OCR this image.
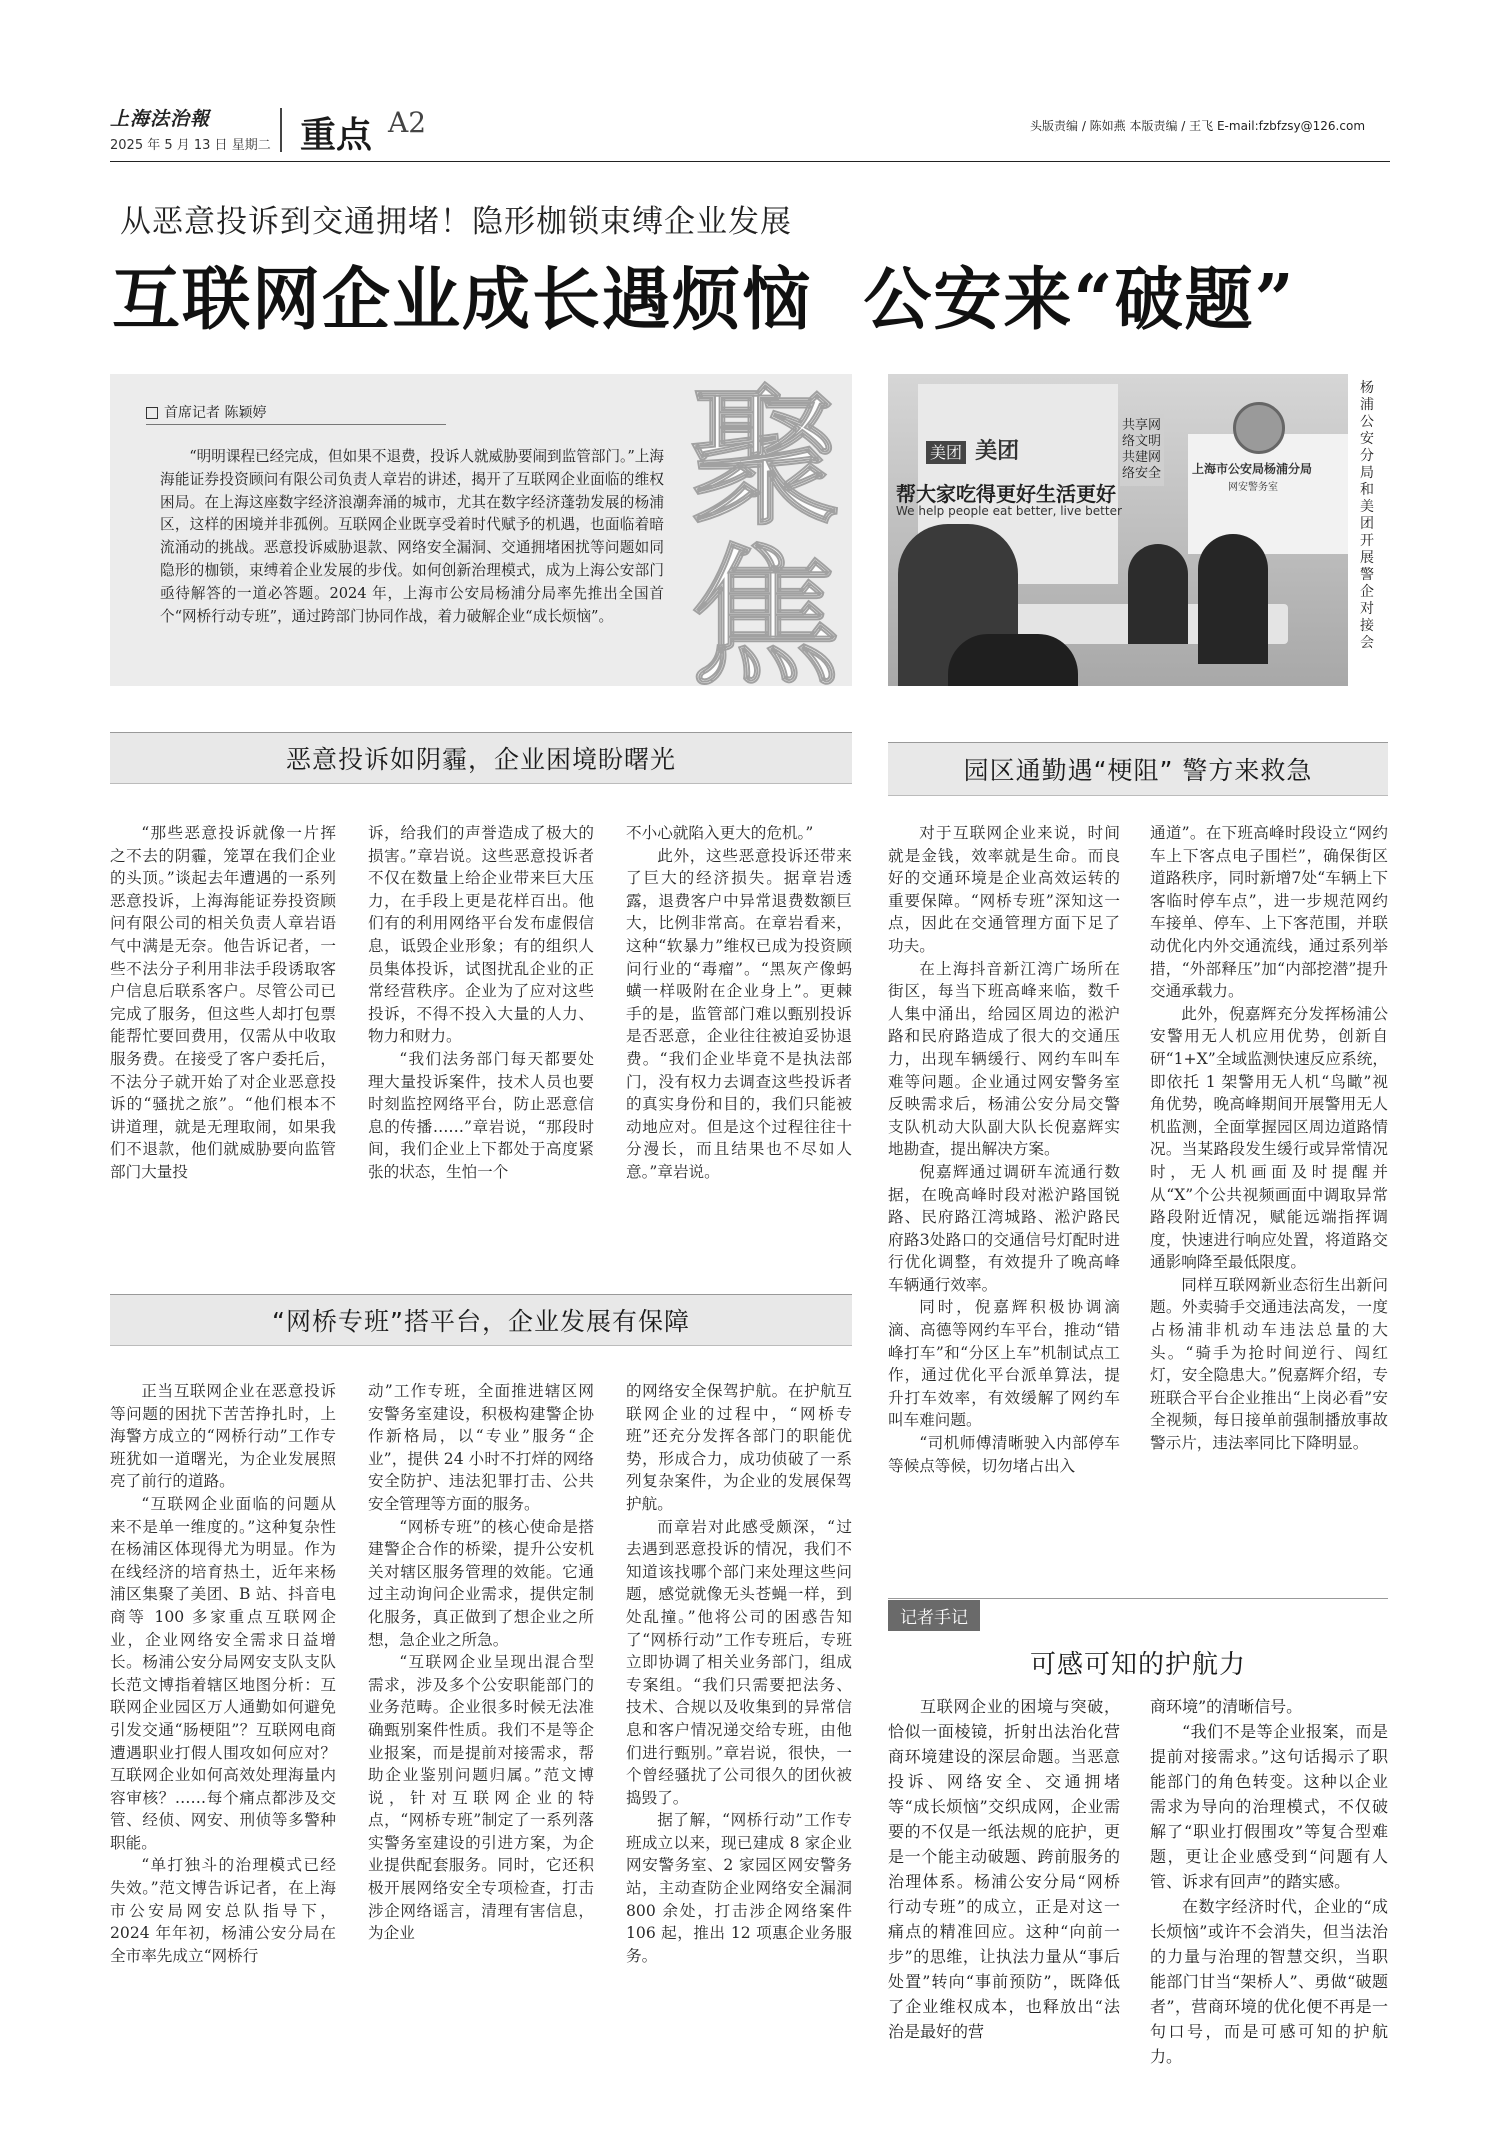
上海法治報
2025 年 5 月 13 日 星期二 重点 A2	头版责编 / 陈如燕 本版责编 / 王飞 E-mail:fzbfzsy@126.com
从恶意投诉到交通拥堵！隐形枷锁束缚企业发展
互联网企业成长遇烦恼  公安来“破题”
聚焦
首席记者 陈颖婷
“明明课程已经完成，但如果不退费，投诉人就威胁要闹到监管部门。”上海海能证券投资顾问有限公司负责人章岩的讲述，揭开了互联网企业面临的维权困局。在上海这座数字经济浪潮奔涌的城市，尤其在数字经济蓬勃发展的杨浦区，这样的困境并非孤例。互联网企业既享受着时代赋予的机遇，也面临着暗流涌动的挑战。恶意投诉威胁退款、网络安全漏洞、交通拥堵困扰等问题如同隐形的枷锁，束缚着企业发展的步伐。如何创新治理模式，成为上海公安部门亟待解答的一道必答题。2024 年，上海市公安局杨浦分局率先推出全国首个“网桥行动专班”，通过跨部门协同作战，着力破解企业“成长烦恼”。
美团 美团
帮大家吃得更好生活更好
We help people eat better, live better
共享网络文明 共建网络安全	上海市公安局杨浦分局
网安警务室
杨浦公安分局和美团开展警企对接会
恶意投诉如阴霾，企业困境盼曙光

“那些恶意投诉就像一片挥之不去的阴霾，笼罩在我们企业的头顶。”谈起去年遭遇的一系列恶意投诉，上海海能证券投资顾问有限公司的相关负责人章岩语气中满是无奈。他告诉记者，一些不法分子利用非法手段诱取客户信息后联系客户。尽管公司已完成了服务，但这些人却打包票能帮忙要回费用，仅需从中收取服务费。在接受了客户委托后，不法分子就开始了对企业恶意投诉的“骚扰之旅”。“他们根本不讲道理，就是无理取闹，如果我们不退款，他们就威胁要向监管部门大量投

诉，给我们的声誉造成了极大的损害。”章岩说。这些恶意投诉者不仅在数量上给企业带来巨大压力，在手段上更是花样百出。他们有的利用网络平台发布虚假信息，诋毁企业形象；有的组织人员集体投诉，试图扰乱企业的正常经营秩序。企业为了应对这些投诉，不得不投入大量的人力、物力和财力。

“我们法务部门每天都要处理大量投诉案件，技术人员也要时刻监控网络平台，防止恶意信息的传播……”章岩说，“那段时间，我们企业上下都处于高度紧张的状态，生怕一个

不小心就陷入更大的危机。”

此外，这些恶意投诉还带来了巨大的经济损失。据章岩透露，退费客户中异常退费数额巨大，比例非常高。在章岩看来，这种“软暴力”维权已成为投资顾问行业的“毒瘤”。“黑灰产像蚂蟥一样吸附在企业身上”。更棘手的是，监管部门难以甄别投诉是否恶意，企业往往被迫妥协退费。“我们企业毕竟不是执法部门，没有权力去调查这些投诉者的真实身份和目的，我们只能被动地应对。但是这个过程往往十分漫长，而且结果也不尽如人意。”章岩说。

“网桥专班”搭平台，企业发展有保障

正当互联网企业在恶意投诉等问题的困扰下苦苦挣扎时，上海警方成立的“网桥行动”工作专班犹如一道曙光，为企业发展照亮了前行的道路。

“互联网企业面临的问题从来不是单一维度的。”这种复杂性在杨浦区体现得尤为明显。作为在线经济的培育热土，近年来杨浦区集聚了美团、B 站、抖音电商等 100 多家重点互联网企业，企业网络安全需求日益增长。杨浦公安分局网安支队支队长范文博指着辖区地图分析：互联网企业园区万人通勤如何避免引发交通“肠梗阻”？互联网电商遭遇职业打假人围攻如何应对？互联网企业如何高效处理海量内容审核？……每个痛点都涉及交管、经侦、网安、刑侦等多警种职能。

“单打独斗的治理模式已经失效。”范文博告诉记者，在上海市公安局网安总队指导下，2024 年年初，杨浦公安分局在全市率先成立“网桥行

动”工作专班，全面推进辖区网安警务室建设，积极构建警企协作新格局，以“专业”服务“企业”，提供 24 小时不打烊的网络安全防护、违法犯罪打击、公共安全管理等方面的服务。

“网桥专班”的核心使命是搭建警企合作的桥梁，提升公安机关对辖区服务管理的效能。它通过主动询问企业需求，提供定制化服务，真正做到了想企业之所想，急企业之所急。

“互联网企业呈现出混合型需求，涉及多个公安职能部门的业务范畴。企业很多时候无法准确甄别案件性质。我们不是等企业报案，而是提前对接需求，帮助企业鉴别问题归属。”范文博说，针对互联网企业的特点，“网桥专班”制定了一系列落实警务室建设的引进方案，为企业提供配套服务。同时，它还积极开展网络安全专项检查，打击涉企网络谣言，清理有害信息，为企业

的网络安全保驾护航。在护航互联网企业的过程中，“网桥专班”还充分发挥各部门的职能优势，形成合力，成功侦破了一系列复杂案件，为企业的发展保驾护航。

而章岩对此感受颇深，“过去遇到恶意投诉的情况，我们不知道该找哪个部门来处理这些问题，感觉就像无头苍蝇一样，到处乱撞。”他将公司的困惑告知了“网桥行动”工作专班后，专班立即协调了相关业务部门，组成专案组。“我们只需要把法务、技术、合规以及收集到的异常信息和客户情况递交给专班，由他们进行甄别。”章岩说，很快，一个曾经骚扰了公司很久的团伙被捣毁了。

据了解，“网桥行动”工作专班成立以来，现已建成 8 家企业网安警务室、2 家园区网安警务站，主动查防企业网络安全漏洞 800 余处，打击涉企网络案件 106 起，推出 12 项惠企业务服务。

园区通勤遇“梗阻” 警方来救急

对于互联网企业来说，时间就是金钱，效率就是生命。而良好的交通环境是企业高效运转的重要保障。“网桥专班”深知这一点，因此在交通管理方面下足了功夫。

在上海抖音新江湾广场所在街区，每当下班高峰来临，数千人集中涌出，给园区周边的淞沪路和民府路造成了很大的交通压力，出现车辆缓行、网约车叫车难等问题。企业通过网安警务室反映需求后，杨浦公安分局交警支队机动大队副大队长倪嘉辉实地勘查，提出解决方案。

倪嘉辉通过调研车流通行数据，在晚高峰时段对淞沪路国锐路、民府路江湾城路、淞沪路民府路3处路口的交通信号灯配时进行优化调整，有效提升了晚高峰车辆通行效率。

同时，倪嘉辉积极协调滴滴、高德等网约车平台，推动“错峰打车”和“分区上车”机制试点工作，通过优化平台派单算法，提升打车效率，有效缓解了网约车叫车难问题。

“司机师傅清晰驶入内部停车等候点等候，切勿堵占出入

通道”。在下班高峰时段设立“网约车上下客点电子围栏”，确保街区道路秩序，同时新增7处“车辆上下客临时停车点”，进一步规范网约车接单、停车、上下客范围，并联动优化内外交通流线，通过系列举措，“外部释压”加“内部挖潜”提升交通承载力。

此外，倪嘉辉充分发挥杨浦公安警用无人机应用优势，创新自研“1+X”全域监测快速反应系统，即依托 1 架警用无人机“鸟瞰”视角优势，晚高峰期间开展警用无人机监测，全面掌握园区周边道路情况。当某路段发生缓行或异常情况时，无人机画面及时提醒并从“X”个公共视频画面中调取异常路段附近情况，赋能远端指挥调度，快速进行响应处置，将道路交通影响降至最低限度。

同样互联网新业态衍生出新问题。外卖骑手交通违法高发，一度占杨浦非机动车违法总量的大头。“骑手为抢时间逆行、闯红灯，安全隐患大。”倪嘉辉介绍，专班联合平台企业推出“上岗必看”安全视频，每日接单前强制播放事故警示片，违法率同比下降明显。

记者手记
可感可知的护航力

互联网企业的困境与突破，恰似一面棱镜，折射出法治化营商环境建设的深层命题。当恶意投诉、网络安全、交通拥堵等“成长烦恼”交织成网，企业需要的不仅是一纸法规的庇护，更是一个能主动破题、跨前服务的治理体系。杨浦公安分局“网桥行动专班”的成立，正是对这一痛点的精准回应。这种“向前一步”的思维，让执法力量从“事后处置”转向“事前预防”，既降低了企业维权成本，也释放出“法治是最好的营

商环境”的清晰信号。

“我们不是等企业报案，而是提前对接需求。”这句话揭示了职能部门的角色转变。这种以企业需求为导向的治理模式，不仅破解了“职业打假围攻”等复合型难题，更让企业感受到“问题有人管、诉求有回声”的踏实感。

在数字经济时代，企业的“成长烦恼”或许不会消失，但当法治的力量与治理的智慧交织，当职能部门甘当“架桥人”、勇做“破题者”，营商环境的优化便不再是一句口号，而是可感可知的护航力。
